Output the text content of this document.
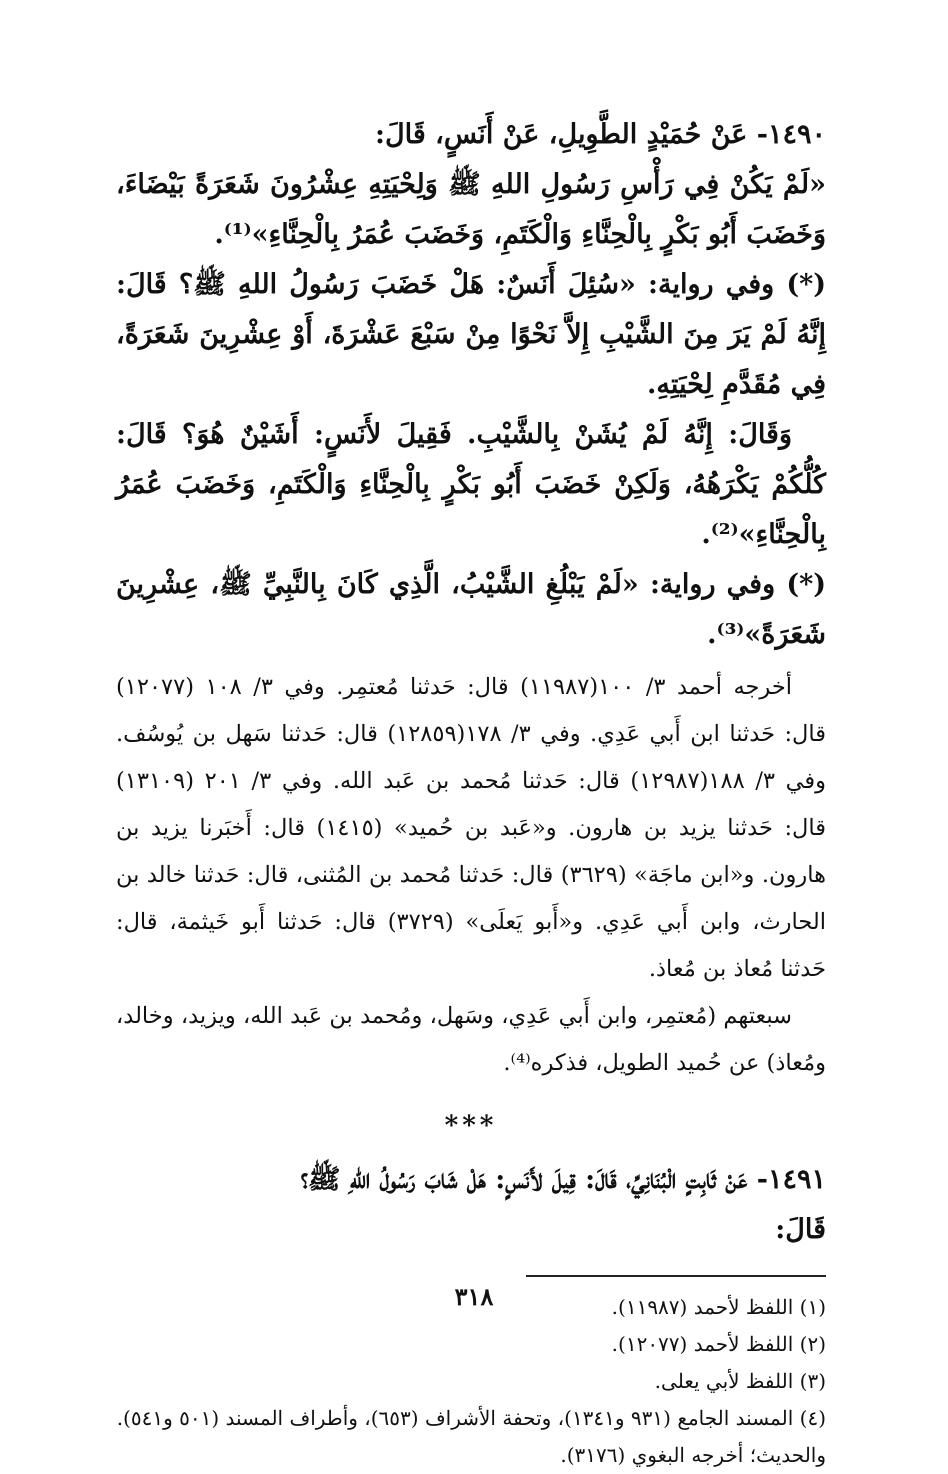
١٤٩٠- عَنْ حُمَيْدٍ الطَّوِيلِ، عَنْ أَنَسٍ، قَالَ:

«لَمْ يَكُنْ فِي رَأْسِ رَسُولِ اللهِ ﷺ وَلِحْيَتِهِ عِشْرُونَ شَعَرَةً بَيْضَاءَ، وَخَضَبَ أَبُو بَكْرٍ بِالْحِنَّاءِ وَالْكَتَمِ، وَخَضَبَ عُمَرُ بِالْحِنَّاءِ»⁽¹⁾.

(*) وفي رواية: «سُئِلَ أَنَسٌ: هَلْ خَضَبَ رَسُولُ اللهِ ﷺ؟ قَالَ: إِنَّهُ لَمْ يَرَ مِنَ الشَّيْبِ إِلاَّ نَحْوًا مِنْ سَبْعَ عَشْرَةَ، أَوْ عِشْرِينَ شَعَرَةً، فِي مُقَدَّمِ لِحْيَتِهِ.

وَقَالَ: إِنَّهُ لَمْ يُشَنْ بِالشَّيْبِ. فَقِيلَ لأَنَسٍ: أَشَيْنٌ هُوَ؟ قَالَ: كُلُّكُمْ يَكْرَهُهُ، وَلَكِنْ خَضَبَ أَبُو بَكْرٍ بِالْحِنَّاءِ وَالْكَتَمِ، وَخَضَبَ عُمَرُ بِالْحِنَّاءِ»⁽²⁾.

(*) وفي رواية: «لَمْ يَبْلُغِ الشَّيْبُ، الَّذِي كَانَ بِالنَّبِيِّ ﷺ، عِشْرِينَ شَعَرَةً»⁽³⁾.

أخرجه أحمد ٣/ ١٠٠(١١٩٨٧) قال: حَدثنا مُعتمِر. وفي ٣/ ١٠٨ (١٢٠٧٧) قال: حَدثنا ابن أَبي عَدِي. وفي ٣/ ١٧٨(١٢٨٥٩) قال: حَدثنا سَهل بن يُوسُف. وفي ٣/ ١٨٨(١٢٩٨٧) قال: حَدثنا مُحمد بن عَبد الله. وفي ٣/ ٢٠١ (١٣١٠٩) قال: حَدثنا يزيد بن هارون. و«عَبد بن حُميد» (١٤١٥) قال: أَخبَرنا يزيد بن هارون. و«ابن ماجَة» (٣٦٢٩) قال: حَدثنا مُحمد بن المُثنى، قال: حَدثنا خالد بن الحارث، وابن أَبي عَدِي. و«أَبو يَعلَى» (٣٧٢٩) قال: حَدثنا أَبو خَيثمة، قال: حَدثنا مُعاذ بن مُعاذ.

سبعتهم (مُعتمِر، وابن أَبي عَدِي، وسَهل، ومُحمد بن عَبد الله، ويزيد، وخالد، ومُعاذ) عن حُميد الطويل، فذكره⁽⁴⁾.

***

١٤٩١- عَنْ ثَابِتٍ الْبُنَانِيِّ، قَالَ: قِيلَ لأَنَسٍ: هَلْ شَابَ رَسُولُ اللهِ ﷺ؟

قَالَ:

(١) اللفظ لأحمد (١١٩٨٧).
(٢) اللفظ لأحمد (١٢٠٧٧).
(٣) اللفظ لأبي يعلى.
(٤) المسند الجامع (٩٣١ و١٣٤١)، وتحفة الأشراف (٦٥٣)، وأطراف المسند (٥٠١ و٥٤١). والحديث؛ أخرجه البغوي (٣١٧٦).
٣١٨
